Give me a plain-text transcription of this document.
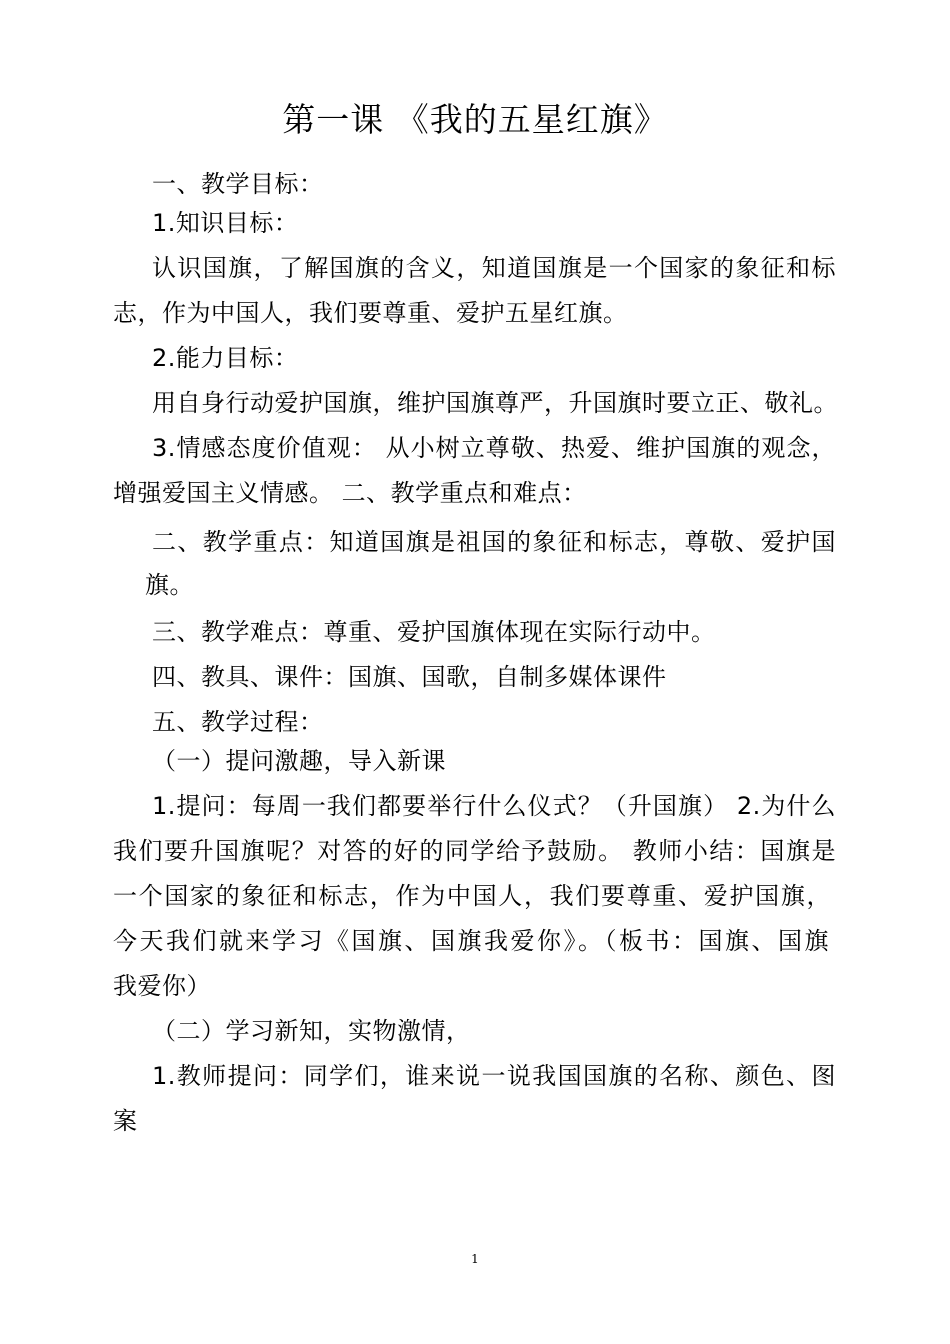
第一课 《我的五星红旗》
一、教学目标：
1.知识目标：
认识国旗，了解国旗的含义，知道国旗是一个国家的象征和标
志，作为中国人，我们要尊重、爱护五星红旗。
2.能力目标：
用自身行动爱护国旗，维护国旗尊严，升国旗时要立正、敬礼。
3.情感态度价值观： 从小树立尊敬、热爱、维护国旗的观念，
增强爱国主义情感。 二、教学重点和难点：
二、教学重点：知道国旗是祖国的象征和标志，尊敬、爱护国
旗。
三、教学难点：尊重、爱护国旗体现在实际行动中。
四、教具、课件：国旗、国歌，自制多媒体课件
五、教学过程：
（一）提问激趣，导入新课
1.提问：每周一我们都要举行什么仪式？（升国旗） 2.为什么
我们要升国旗呢？对答的好的同学给予鼓励。 教师小结：国旗是
一个国家的象征和标志，作为中国人，我们要尊重、爱护国旗，
今天我们就来学习《国旗、国旗我爱你》。（板书：国旗、国旗
我爱你）
（二）学习新知，实物激情，
1.教师提问：同学们，谁来说一说我国国旗的名称、颜色、图
案
1
